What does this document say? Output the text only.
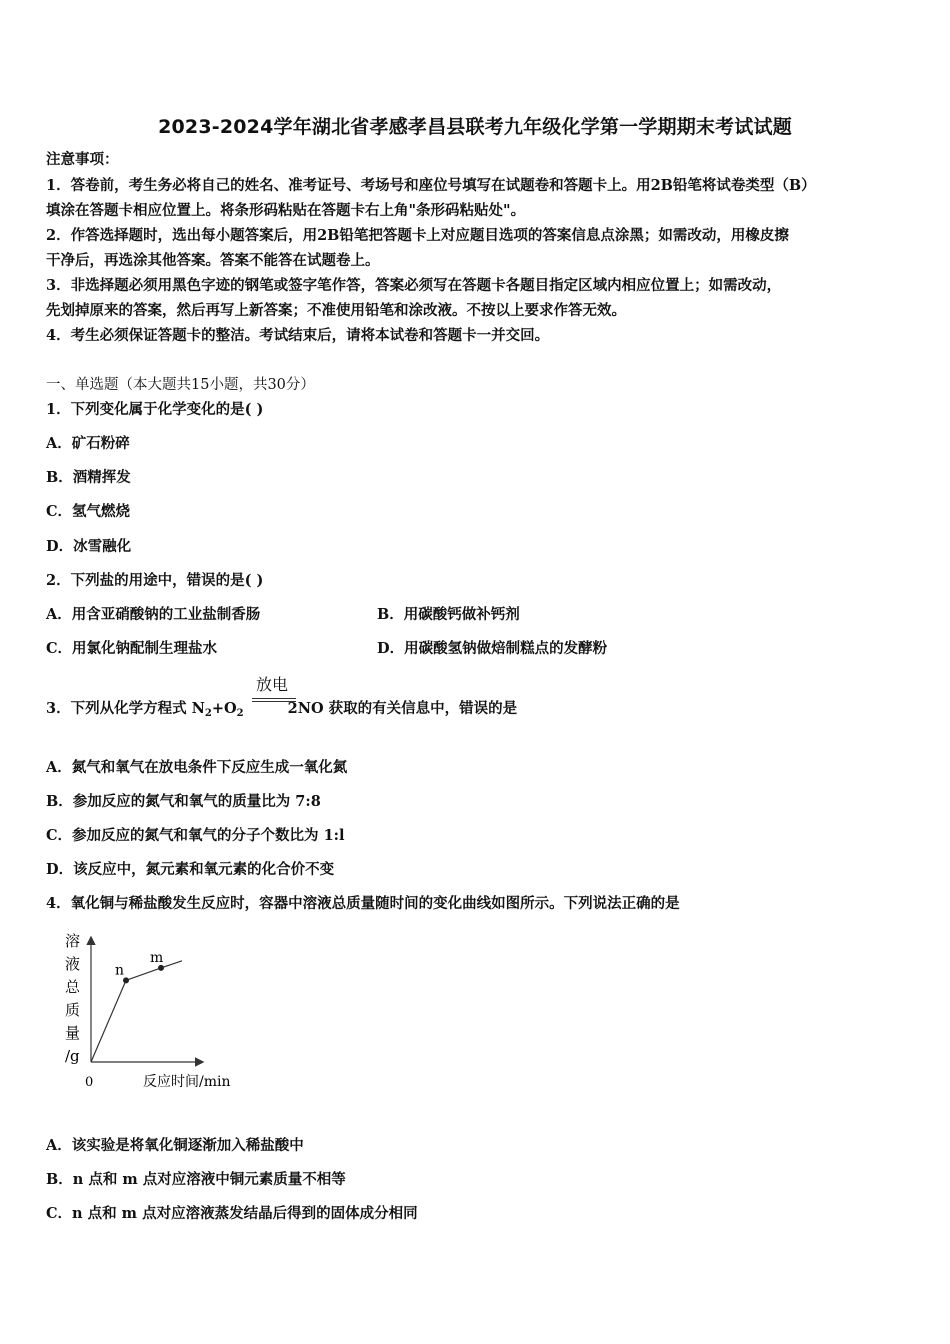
2023-2024学年湖北省孝感孝昌县联考九年级化学第一学期期末考试试题
注意事项：
1．答卷前，考生务必将自己的姓名、准考证号、考场号和座位号填写在试题卷和答题卡上。用2B铅笔将试卷类型（B）
填涂在答题卡相应位置上。将条形码粘贴在答题卡右上角"条形码粘贴处"。
2．作答选择题时，选出每小题答案后，用2B铅笔把答题卡上对应题目选项的答案信息点涂黑；如需改动，用橡皮擦
干净后，再选涂其他答案。答案不能答在试题卷上。
3．非选择题必须用黑色字迹的钢笔或签字笔作答，答案必须写在答题卡各题目指定区域内相应位置上；如需改动，
先划掉原来的答案，然后再写上新答案；不准使用铅笔和涂改液。不按以上要求作答无效。
4．考生必须保证答题卡的整洁。考试结束后，请将本试卷和答题卡一并交回。
一、单选题（本大题共15小题，共30分）
1．下列变化属于化学变化的是( )
A．矿石粉碎
B．酒精挥发
C．氢气燃烧
D．冰雪融化
2．下列盐的用途中，错误的是( )
A．用含亚硝酸钠的工业盐制香肠	B．用碳酸钙做补钙剂
C．用氯化钠配制生理盐水	D．用碳酸氢钠做焙制糕点的发酵粉
放电
3．下列从化学方程式 $N_2+O_2$	2NO 获取的有关信息中，错误的是
A．氮气和氧气在放电条件下反应生成一氧化氮
B．参加反应的氮气和氧气的质量比为 7:8
C．参加反应的氮气和氧气的分子个数比为 1:l
D．该反应中，氮元素和氧元素的化合价不变
4．氧化铜与稀盐酸发生反应时，容器中溶液总质量随时间的变化曲线如图所示。下列说法正确的是
溶
液
总
质
量
/g
0	反应时间/min
n
m
A．该实验是将氧化铜逐渐加入稀盐酸中
B．n 点和 m 点对应溶液中铜元素质量不相等
C．n 点和 m 点对应溶液蒸发结晶后得到的固体成分相同
